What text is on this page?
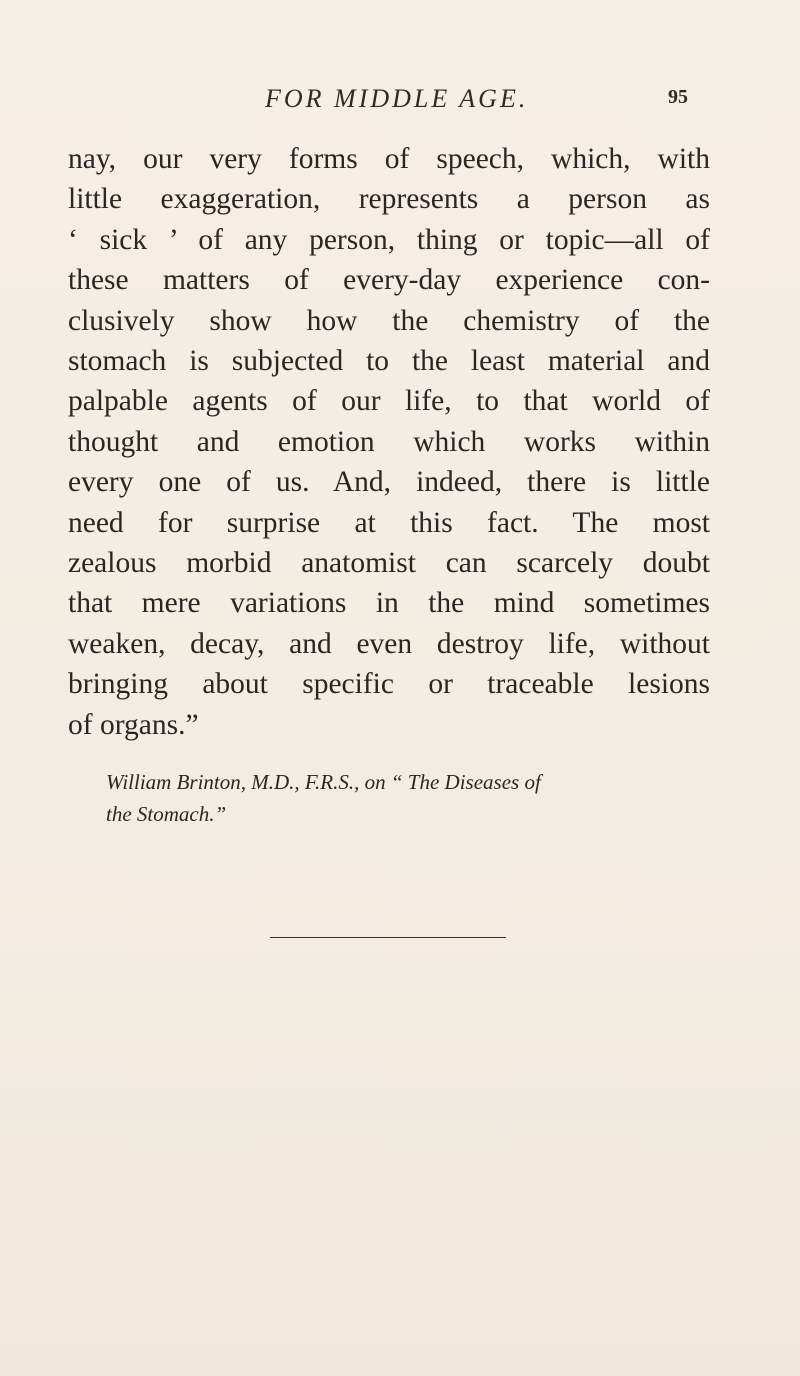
FOR MIDDLE AGE.	95

nay, our very forms of speech, which, with
little exaggeration, represents a person as
‘ sick ’ of any person, thing or topic—all of
these matters of every-day experience con-
clusively show how the chemistry of the
stomach is subjected to the least material and
palpable agents of our life, to that world of
thought and emotion which works within
every one of us. And, indeed, there is little
need for surprise at this fact. The most
zealous morbid anatomist can scarcely doubt
that mere variations in the mind sometimes
weaken, decay, and even destroy life, without
bringing about specific or traceable lesions
of organs.”

William Brinton, M.D., F.R.S., on “ The Diseases of
the Stomach.”
